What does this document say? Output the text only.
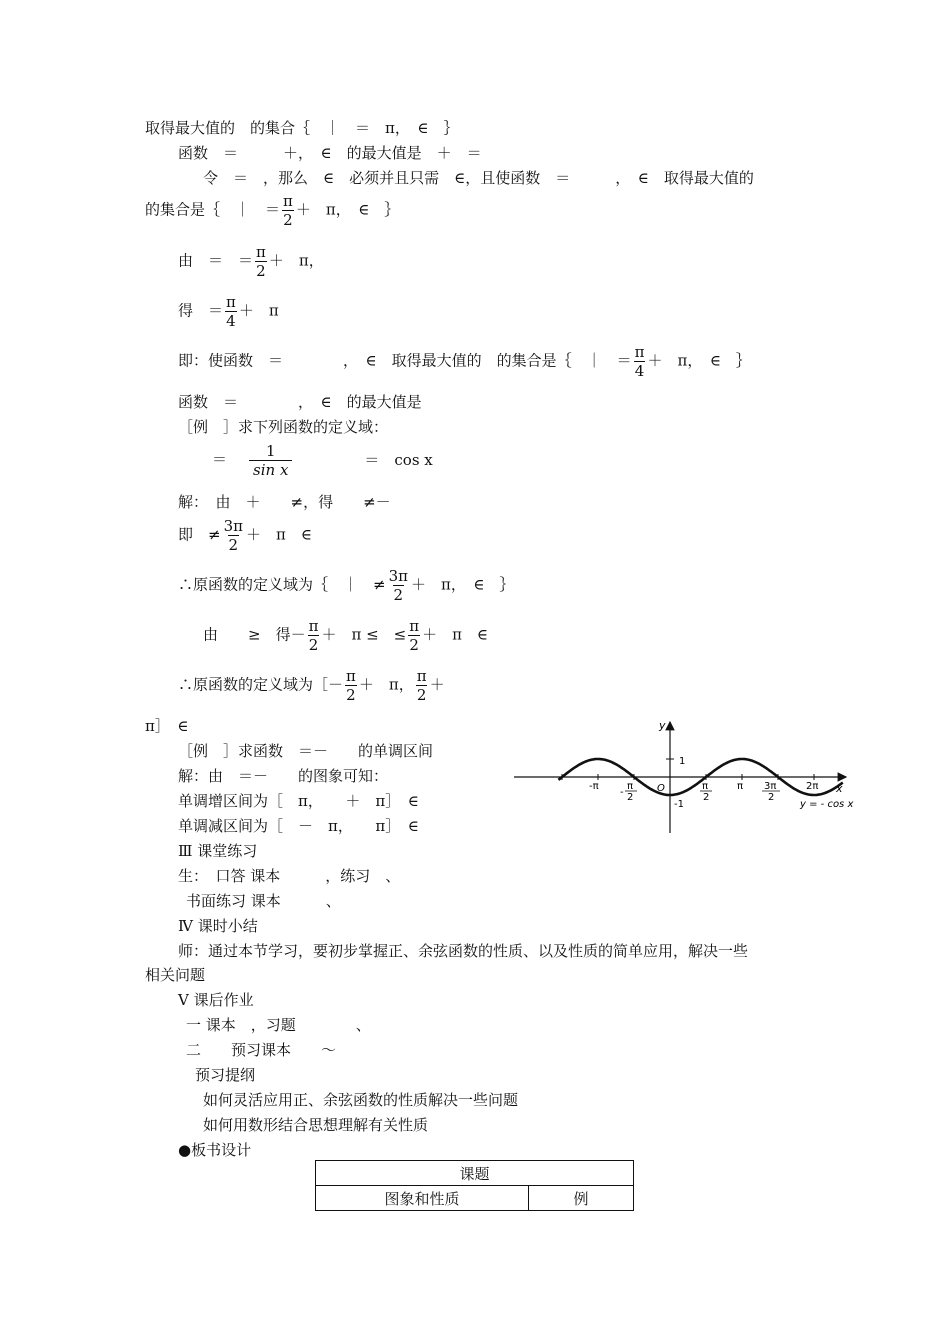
取得最大值的　的集合｛　｜　＝　π，　∈　｝
函数　＝　　　＋，　∈　的最大值是　＋　＝
令　＝　，那么　∈　必须并且只需　∈，且使函数　＝　　　，　∈　取得最大值的
的集合是｛　｜　＝ $\frac{\pi}{2}$ ＋　π，　∈　｝
由　＝　＝ $\frac{\pi}{2}$ ＋　π，
得　＝ $\frac{\pi}{4}$ ＋　π
即：使函数　＝　　　　，　∈　取得最大值的　的集合是｛　｜　＝ $\frac{\pi}{4}$ ＋　π，　∈　｝
函数　＝　　　　，　∈　的最大值是
［例　］求下列函数的定义域：
＝ $\frac{1}{\text{sin x}}$	＝　cos x
解：　由　＋　　≠，得　　≠－
即　≠ $\frac{3\pi}{2}$ ＋　π　∈
∴原函数的定义域为｛　｜　≠ $\frac{3\pi}{2}$ ＋　π，　∈　｝
由　　≥　得－ $\frac{\pi}{2}$ ＋　π ≤　≤ $\frac{\pi}{2}$ ＋　π　∈
∴原函数的定义域为［－ $\frac{\pi}{2}$ ＋　π， $\frac{\pi}{2}$ ＋
π］　∈
［例　］求函数　＝－　　的单调区间
解：由　＝－　　的图象可知：
单调增区间为［　π，　　＋　π］　∈
单调减区间为［　－　π，　　π］　∈
Ⅲ 课堂练习
生：　口答 课本　　　，练习　、
书面练习 课本　　　、
Ⅳ 课时小结
师：通过本节学习，要初步掌握正、余弦函数的性质、以及性质的简单应用，解决一些
相关问题
Ⅴ 课后作业
一 课本　，习题　　　　、
二　　预习课本　　～
预习提纲
如何灵活应用正、余弦函数的性质解决一些问题
如何用数形结合思想理解有关性质
●板书设计
y
x
1
-1
O
-π
-
π
2
π
2
π 3π
2
2π
y = - cos x
课题
图象和性质	例
